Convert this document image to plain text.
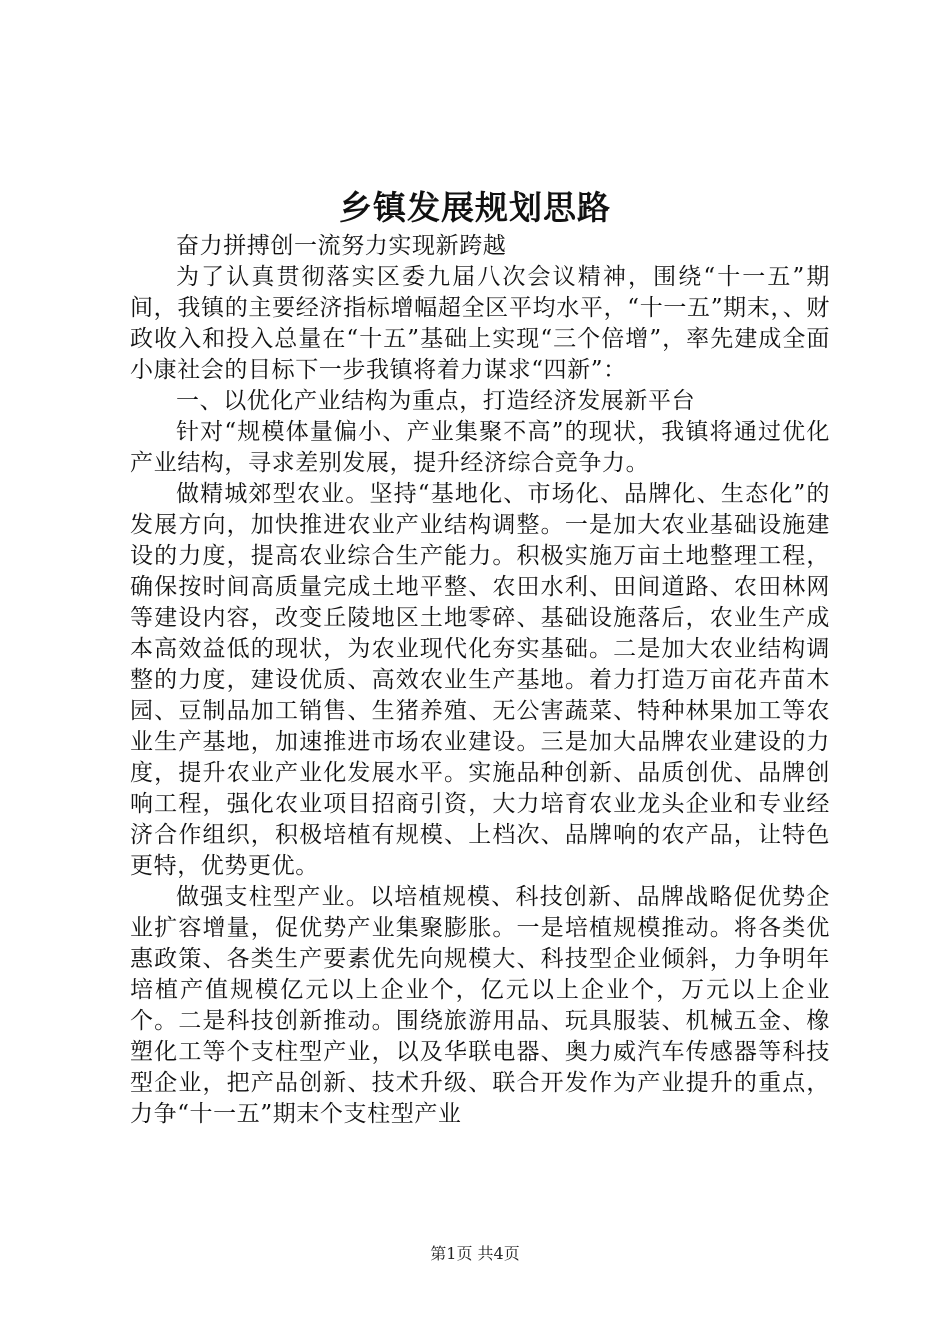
乡镇发展规划思路

奋力拼搏创一流努力实现新跨越

为了认真贯彻落实区委九届八次会议精神，围绕“十一五”期间，我镇的主要经济指标增幅超全区平均水平，“十一五”期末，、财政收入和投入总量在“十五”基础上实现“三个倍增”，率先建成全面小康社会的目标下一步我镇将着力谋求“四新”：

一、以优化产业结构为重点，打造经济发展新平台

针对“规模体量偏小、产业集聚不高”的现状，我镇将通过优化产业结构，寻求差别发展，提升经济综合竞争力。

做精城郊型农业。坚持“基地化、市场化、品牌化、生态化”的发展方向，加快推进农业产业结构调整。一是加大农业基础设施建设的力度，提高农业综合生产能力。积极实施万亩土地整理工程，确保按时间高质量完成土地平整、农田水利、田间道路、农田林网等建设内容，改变丘陵地区土地零碎、基础设施落后，农业生产成本高效益低的现状，为农业现代化夯实基础。二是加大农业结构调整的力度，建设优质、高效农业生产基地。着力打造万亩花卉苗木园、豆制品加工销售、生猪养殖、无公害蔬菜、特种林果加工等农业生产基地，加速推进市场农业建设。三是加大品牌农业建设的力度，提升农业产业化发展水平。实施品种创新、品质创优、品牌创响工程，强化农业项目招商引资，大力培育农业龙头企业和专业经济合作组织，积极培植有规模、上档次、品牌响的农产品，让特色更特，优势更优。

做强支柱型产业。以培植规模、科技创新、品牌战略促优势企业扩容增量，促优势产业集聚膨胀。一是培植规模推动。将各类优惠政策、各类生产要素优先向规模大、科技型企业倾斜，力争明年培植产值规模亿元以上企业个，亿元以上企业个，万元以上企业个。二是科技创新推动。围绕旅游用品、玩具服装、机械五金、橡塑化工等个支柱型产业，以及华联电器、奥力威汽车传感器等科技型企业，把产品创新、技术升级、联合开发作为产业提升的重点，力争“十一五”期末个支柱型产业

第1页 共4页
